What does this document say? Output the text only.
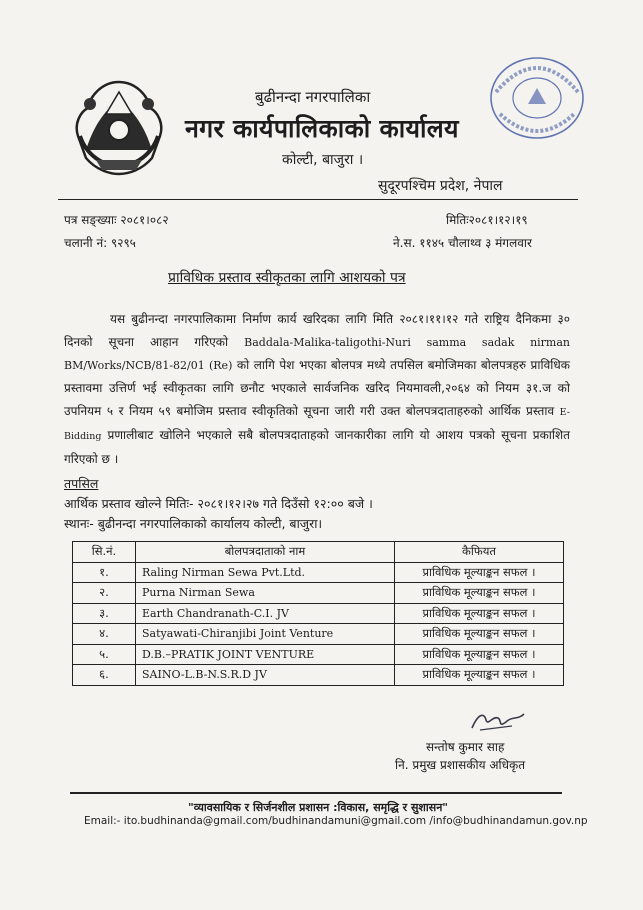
बुढीनन्दा नगरपालिका
नगर कार्यपालिकाको कार्यालय
कोल्टी, बाजुरा ।
सुदूरपश्चिम प्रदेश, नेपाल
पत्र सङ्ख्याः २०८१।०८२
चलानी नं: ९२९५
मितिः२०८१।१२।१९
ने.स. ११४५ चौलाथ्व ३ मंगलवार
प्राविधिक प्रस्ताव स्वीकृतका लागि आशयको पत्र
यस बुढीनन्दा नगरपालिकामा निर्माण कार्य खरिदका लागि मिति २०८१।११।१२ गते राष्ट्रिय दैनिकमा ३० दिनको सूचना आहान गरिएको Baddala-Malika-taligothi-Nuri samma sadak nirman BM/Works/NCB/81-82/01 (Re) को लागि पेश भएका बोलपत्र मध्ये तपसिल बमोजिमका बोलपत्रहरु प्राविधिक प्रस्तावमा उत्तिर्ण भई स्वीकृतका लागि छनौट भएकाले सार्वजनिक खरिद नियमावली,२०६४ को नियम ३१.ज को उपनियम ५ र नियम ५९ बमोजिम प्रस्ताव स्वीकृतिको सूचना जारी गरी उक्त बोलपत्रदाताहरुको आर्थिक प्रस्ताव E-Bidding प्रणालीबाट खोलिने भएकाले सबै बोलपत्रदाताहको जानकारीका लागि यो आशय पत्रको सूचना प्रकाशित गरिएको छ ।
तपसिल
आर्थिक प्रस्ताव खोल्ने मितिः- २०८१।१२।२७ गते दिउँसो १२:०० बजे ।
स्थानः- बुढीनन्दा नगरपालिकाको कार्यालय कोल्टी, बाजुरा।
सि.नं.	बोलपत्रदाताको नाम	कैफियत
१.	Raling Nirman Sewa Pvt.Ltd.	प्राविधिक मूल्याङ्कन सफल ।
२.	Purna Nirman Sewa	प्राविधिक मूल्याङ्कन सफल ।
३.	Earth Chandranath-C.I. JV	प्राविधिक मूल्याङ्कन सफल ।
४.	Satyawati-Chiranjibi Joint Venture	प्राविधिक मूल्याङ्कन सफल ।
५.	D.B.–PRATIK JOINT VENTURE	प्राविधिक मूल्याङ्कन सफल ।
६.	SAINO-L.B-N.S.R.D JV	प्राविधिक मूल्याङ्कन सफल ।
सन्तोष कुमार साह
नि. प्रमुख प्रशासकीय अधिकृत
"व्यावसायिक र सिर्जनशील प्रशासन :विकास, समृद्धि र सुशासन"
Email:- ito.budhinanda@gmail.com/budhinandamuni@gmail.com /info@budhinandamun.gov.np
